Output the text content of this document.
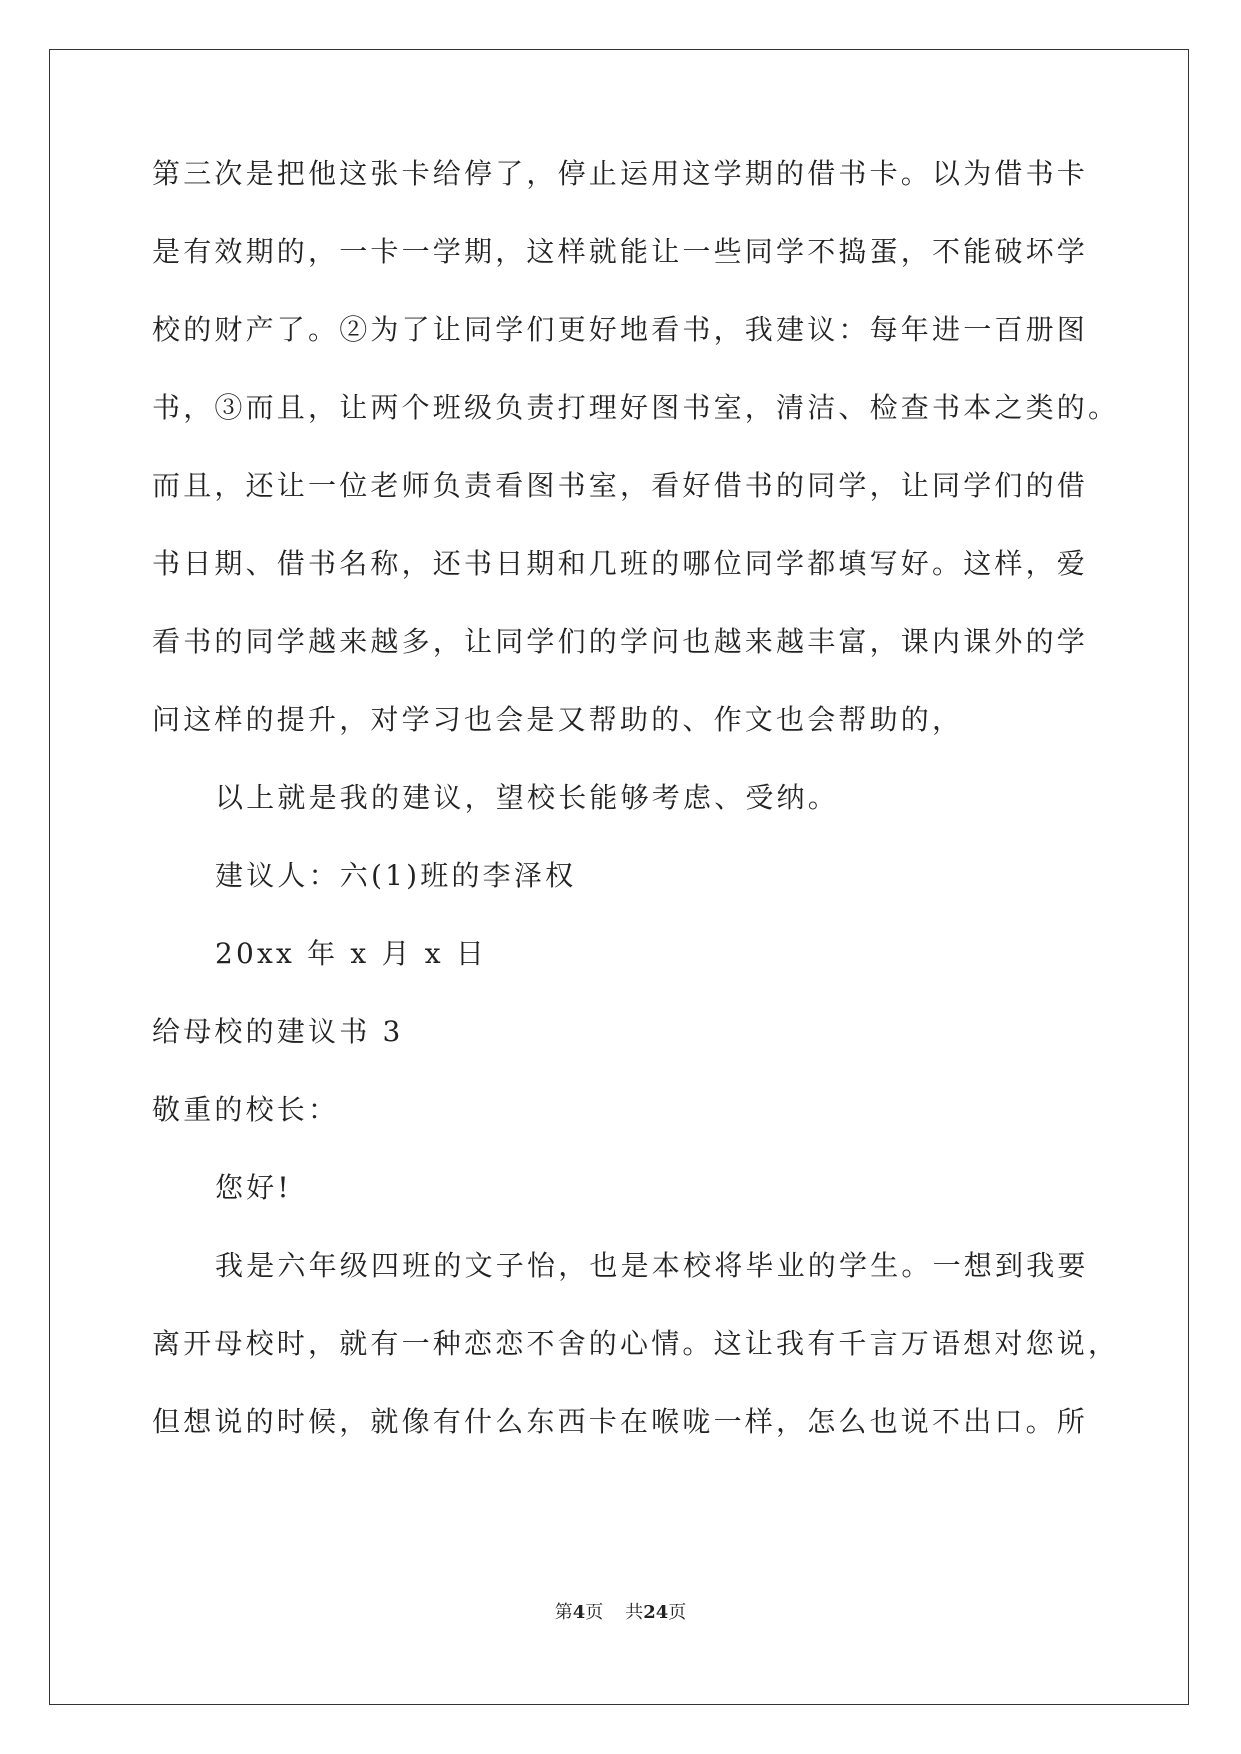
第三次是把他这张卡给停了，停止运用这学期的借书卡。以为借书卡
是有效期的，一卡一学期，这样就能让一些同学不捣蛋，不能破坏学
校的财产了。②为了让同学们更好地看书，我建议：每年进一百册图
书，③而且，让两个班级负责打理好图书室，清洁、检查书本之类的。
而且，还让一位老师负责看图书室，看好借书的同学，让同学们的借
书日期、借书名称，还书日期和几班的哪位同学都填写好。这样，爱
看书的同学越来越多，让同学们的学问也越来越丰富，课内课外的学
问这样的提升，对学习也会是又帮助的、作文也会帮助的，
以上就是我的建议，望校长能够考虑、受纳。
建议人：六(1)班的李泽权
20xx 年 x 月 x 日
给母校的建议书 3
敬重的校长：
您好!
我是六年级四班的文子怡，也是本校将毕业的学生。一想到我要
离开母校时，就有一种恋恋不舍的心情。这让我有千言万语想对您说，
但想说的时候，就像有什么东西卡在喉咙一样，怎么也说不出口。所
第4页 共24页
